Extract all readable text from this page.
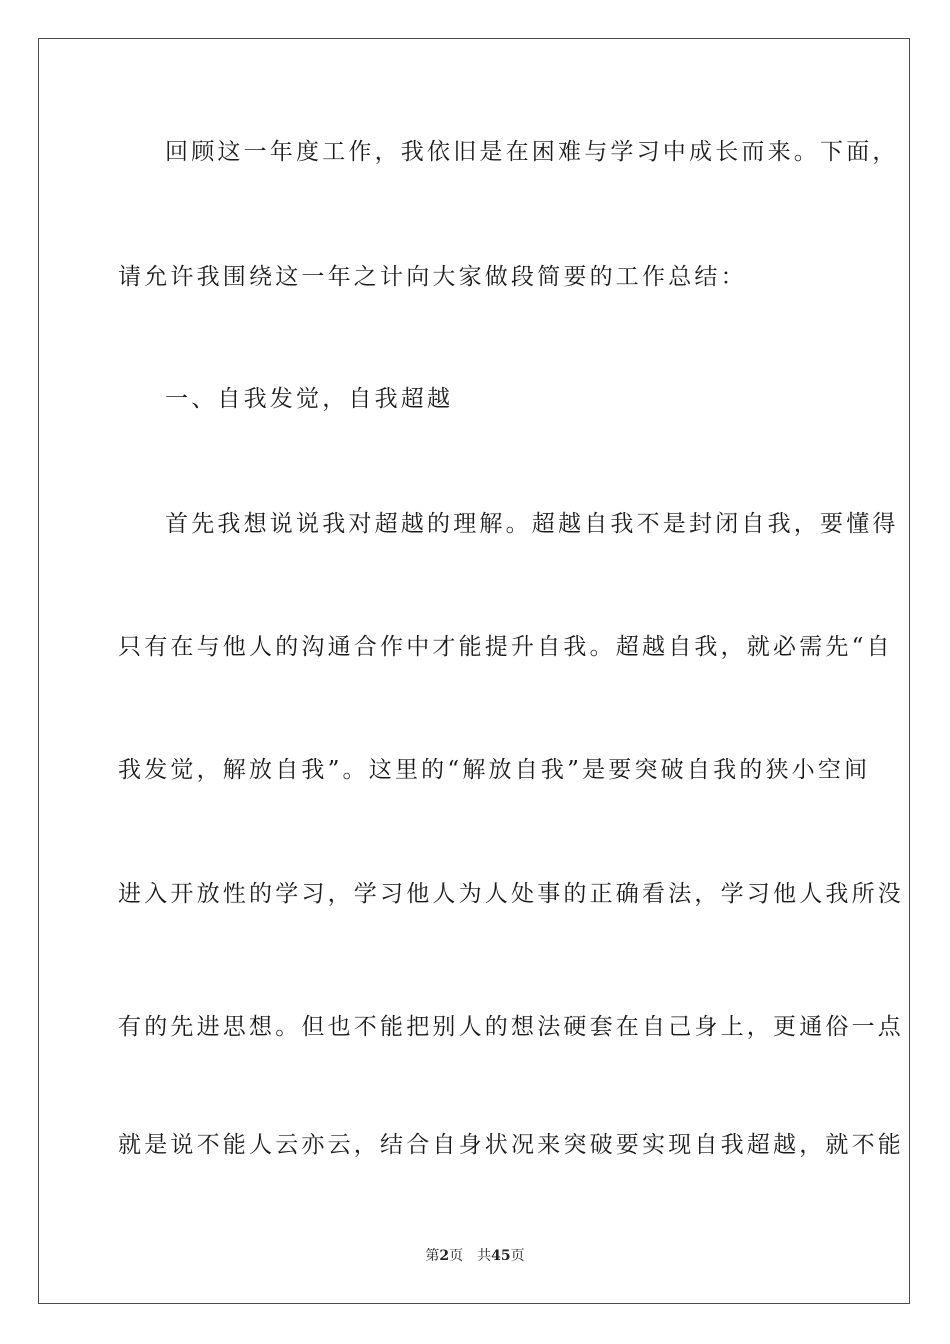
回顾这一年度工作，我依旧是在困难与学习中成长而来。下面，
请允许我围绕这一年之计向大家做段简要的工作总结：
一、自我发觉，自我超越
首先我想说说我对超越的理解。超越自我不是封闭自我，要懂得
只有在与他人的沟通合作中才能提升自我。超越自我，就必需先“自
我发觉，解放自我”。这里的“解放自我”是要突破自我的狭小空间
进入开放性的学习，学习他人为人处事的正确看法，学习他人我所没
有的先进思想。但也不能把别人的想法硬套在自己身上，更通俗一点
就是说不能人云亦云，结合自身状况来突破要实现自我超越，就不能
第2页 共45页
